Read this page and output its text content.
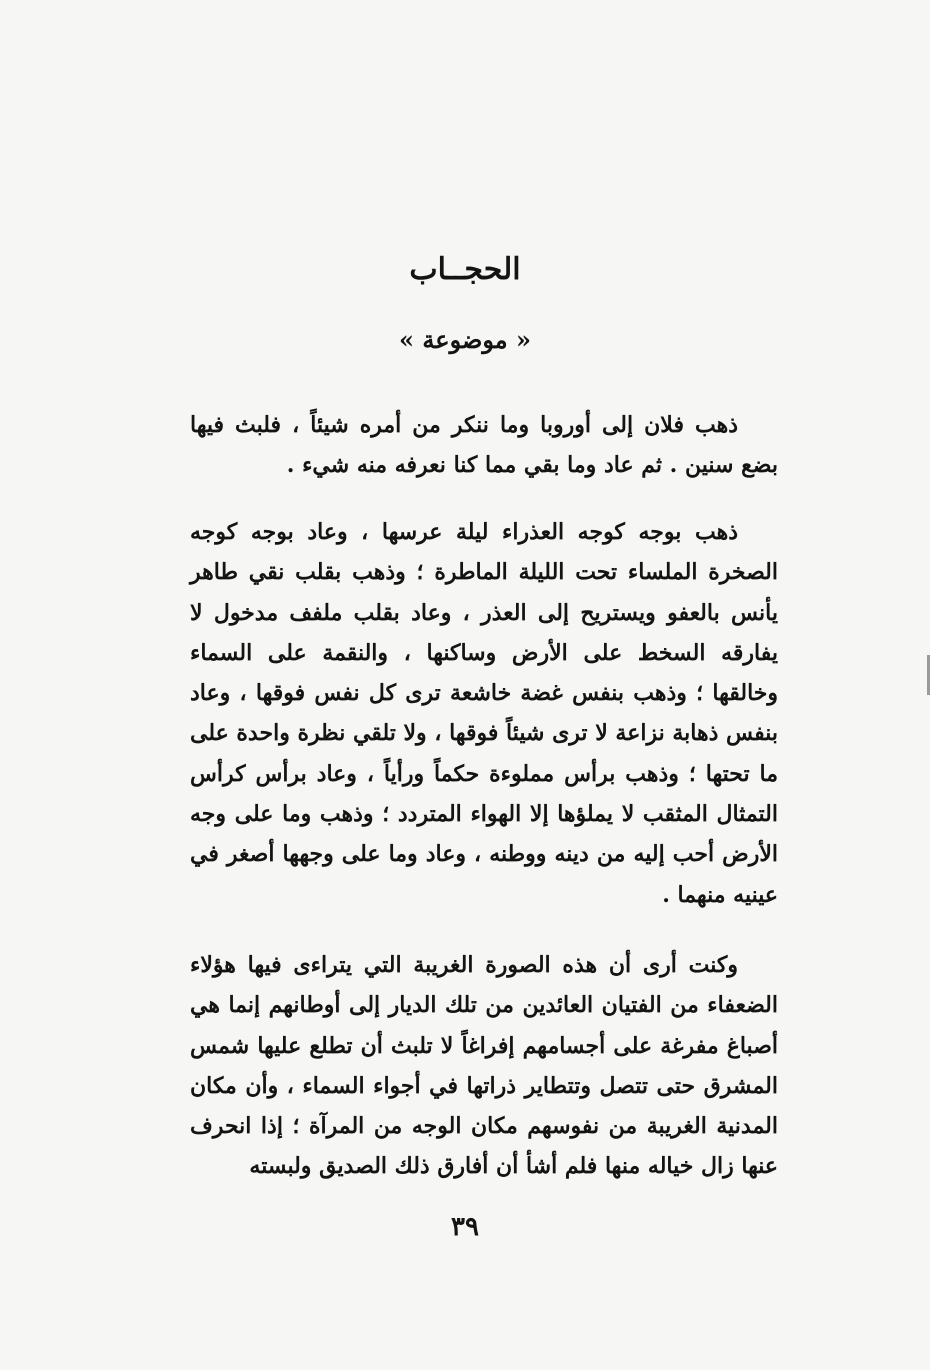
الحجــاب
« موضوعة »

ذهب فلان إلى أوروبا وما ننكر من أمره شيئاً ، فلبث فيها بضع سنين . ثم عاد وما بقي مما كنا نعرفه منه شيء .

ذهب بوجه كوجه العذراء ليلة عرسها ، وعاد بوجه كوجه الصخرة الملساء تحت الليلة الماطرة ؛ وذهب بقلب نقي طاهر يأنس بالعفو ويستريح إلى العذر ، وعاد بقلب ملفف مدخول لا يفارقه السخط على الأرض وساكنها ، والنقمة على السماء وخالقها ؛ وذهب بنفس غضة خاشعة ترى كل نفس فوقها ، وعاد بنفس ذهابة نزاعة لا ترى شيئاً فوقها ، ولا تلقي نظرة واحدة على ما تحتها ؛ وذهب برأس مملوءة حكماً ورأياً ، وعاد برأس كرأس التمثال المثقب لا يملؤها إلا الهواء المتردد ؛ وذهب وما على وجه الأرض أحب إليه من دينه ووطنه ، وعاد وما على وجهها أصغر في عينيه منهما .

وكنت أرى أن هذه الصورة الغريبة التي يتراءى فيها هؤلاء الضعفاء من الفتيان العائدين من تلك الديار إلى أوطانهم إنما هي أصباغ مفرغة على أجسامهم إفراغاً لا تلبث أن تطلع عليها شمس المشرق حتى تتصل وتتطاير ذراتها في أجواء السماء ، وأن مكان المدنية الغريبة من نفوسهم مكان الوجه من المرآة ؛ إذا انحرف عنها زال خياله منها فلم أشأ أن أفارق ذلك الصديق ولبسته

٣٩
